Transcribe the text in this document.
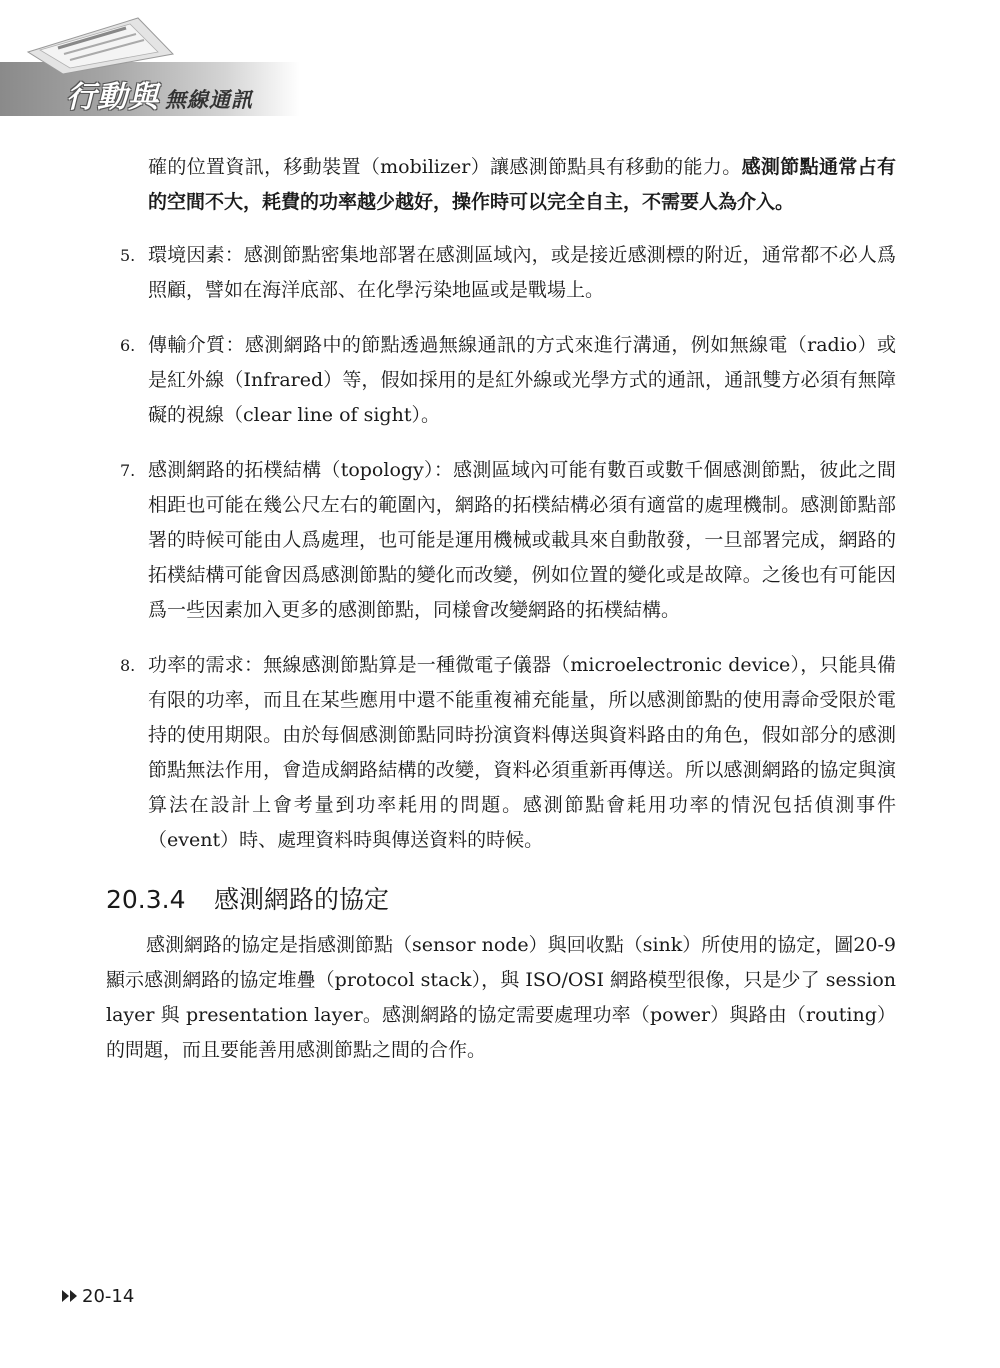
行動與 無線通訊

確的位置資訊，移動裝置（mobilizer）讓感測節點具有移動的能力。感測節點通常占有的空間不大，耗費的功率越少越好，操作時可以完全自主，不需要人為介入。

5. 環境因素：感測節點密集地部署在感測區域內，或是接近感測標的附近，通常都不必人爲照顧，譬如在海洋底部、在化學污染地區或是戰場上。
6. 傳輸介質：感測網路中的節點透過無線通訊的方式來進行溝通，例如無線電（radio）或是紅外線（Infrared）等，假如採用的是紅外線或光學方式的通訊，通訊雙方必須有無障礙的視線（clear line of sight）。
7. 感測網路的拓樸結構（topology）：感測區域內可能有數百或數千個感測節點，彼此之間相距也可能在幾公尺左右的範圍內，網路的拓樸結構必須有適當的處理機制。感測節點部署的時候可能由人爲處理，也可能是運用機械或載具來自動散發，一旦部署完成，網路的拓樸結構可能會因爲感測節點的變化而改變，例如位置的變化或是故障。之後也有可能因爲一些因素加入更多的感測節點，同樣會改變網路的拓樸結構。
8. 功率的需求：無線感測節點算是一種微電子儀器（microelectronic device），只能具備有限的功率，而且在某些應用中還不能重複補充能量，所以感測節點的使用壽命受限於電持的使用期限。由於每個感測節點同時扮演資料傳送與資料路由的角色，假如部分的感測節點無法作用，會造成網路結構的改變，資料必須重新再傳送。所以感測網路的協定與演算法在設計上會考量到功率耗用的問題。感測節點會耗用功率的情況包括偵測事件（event）時、處理資料時與傳送資料的時候。
20.3.4	感測網路的協定

感測網路的協定是指感測節點（sensor node）與回收點（sink）所使用的協定，圖20-9 顯示感測網路的協定堆疊（protocol stack），與 ISO/OSI 網路模型很像，只是少了 session layer 與 presentation layer。感測網路的協定需要處理功率（power）與路由（routing）的問題，而且要能善用感測節點之間的合作。

20-14
